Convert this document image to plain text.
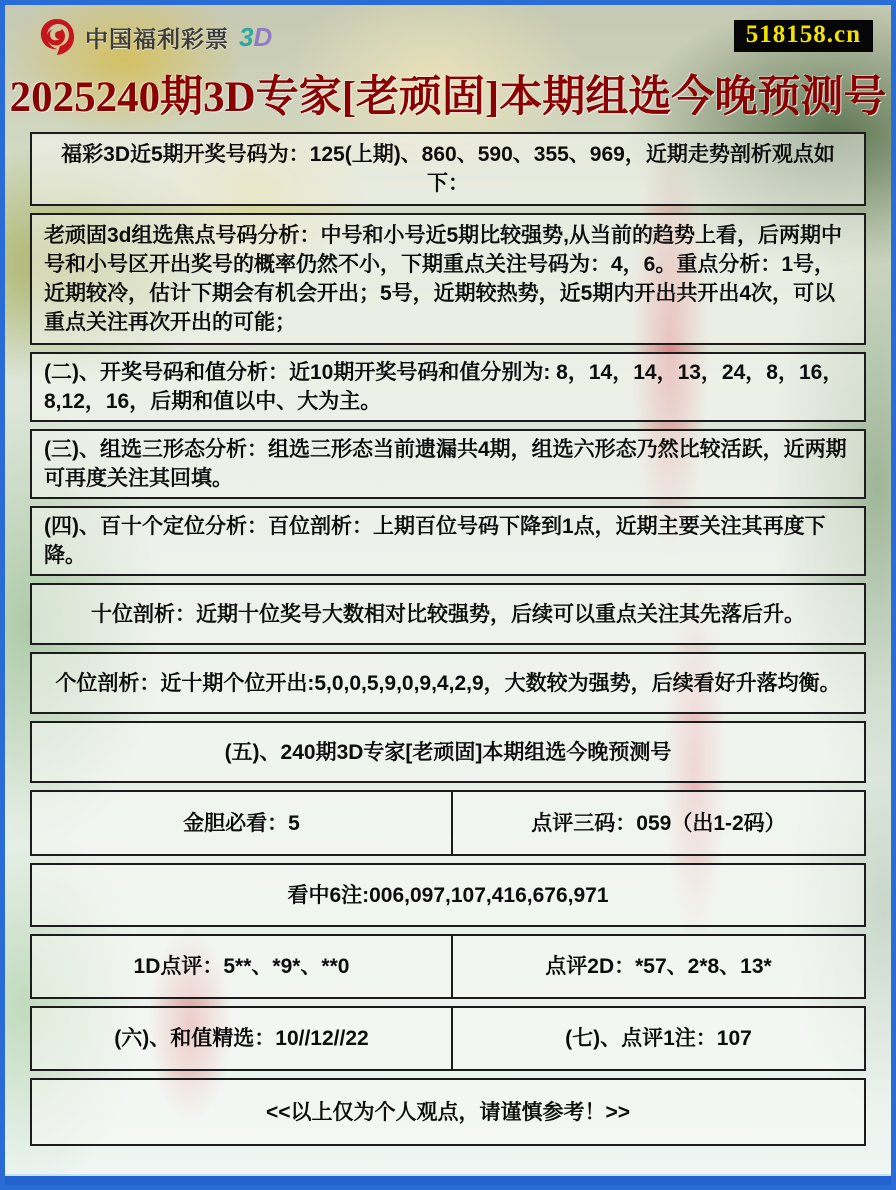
中国福利彩票 3D	518158.cn
2025240期3D专家[老顽固]本期组选今晚预测号
福彩3D近5期开奖号码为：125(上期)、860、590、355、969，近期走势剖析观点如下：
老顽固3d组选焦点号码分析：中号和小号近5期比较强势,从当前的趋势上看，后两期中号和小号区开出奖号的概率仍然不小，下期重点关注号码为：4，6。重点分析：1号，近期较冷，估计下期会有机会开出；5号，近期较热势，近5期内开出共开出4次，可以重点关注再次开出的可能；
(二)、开奖号码和值分析：近10期开奖号码和值分别为: 8，14，14，13，24，8，16，8,12，16，后期和值以中、大为主。
(三)、组选三形态分析：组选三形态当前遗漏共4期，组选六形态乃然比较活跃，近两期可再度关注其回填。
(四)、百十个定位分析：百位剖析：上期百位号码下降到1点，近期主要关注其再度下降。
十位剖析：近期十位奖号大数相对比较强势，后续可以重点关注其先落后升。
个位剖析：近十期个位开出:5,0,0,5,9,0,9,4,2,9，大数较为强势，后续看好升落均衡。
(五)、240期3D专家[老顽固]本期组选今晚预测号
金胆必看：5	点评三码：059（出1-2码）
看中6注:006,097,107,416,676,971
1D点评：5**、*9*、**0	点评2D：*57、2*8、13*
(六)、和值精选：10//12//22	(七)、点评1注：107
<<以上仅为个人观点，请谨慎参考！>>
